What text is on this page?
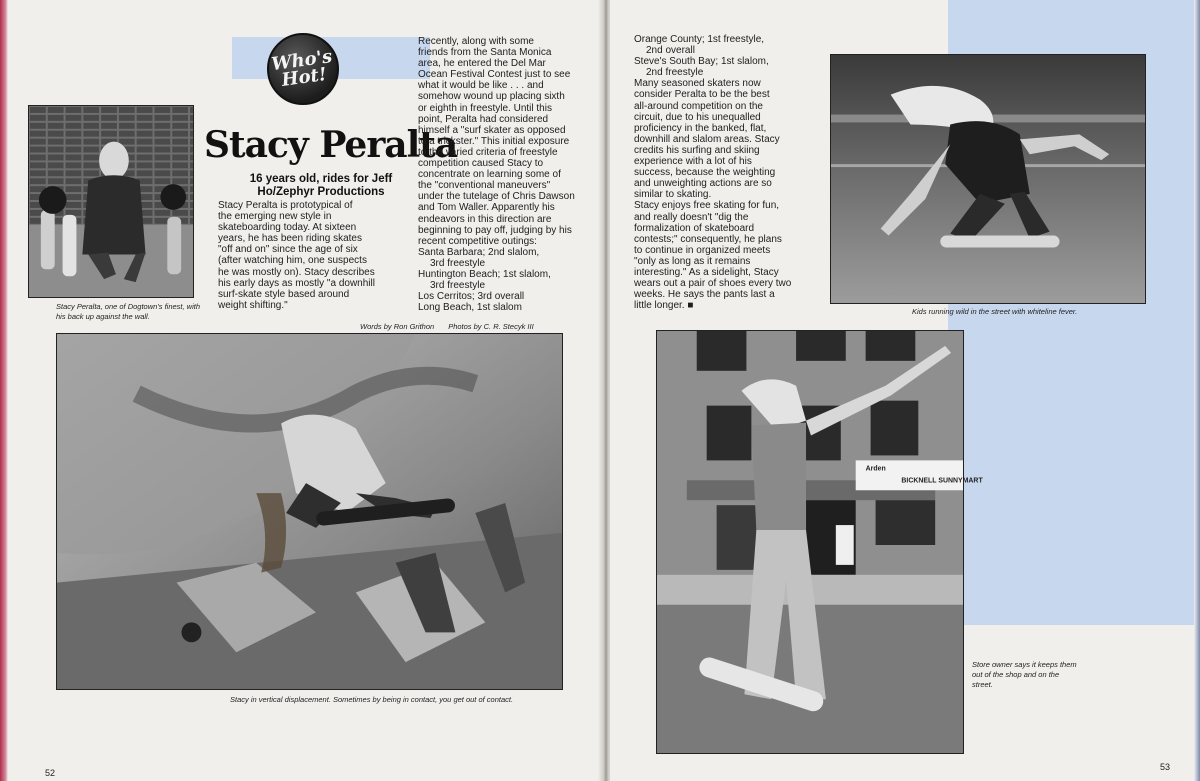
Who's Hot!
Stacy Peralta
16 years old, rides for Jeff Ho/Zephyr Productions
Stacy Peralta, one of Dogtown's finest, with his back up against the wall.

Stacy Peralta is prototypical of

the emerging new style in

skateboarding today. At sixteen

years, he has been riding skates

"off and on" since the age of six

(after watching him, one suspects

he was mostly on). Stacy describes

his early days as mostly "a downhill

surf-skate style based around

weight shifting."

Recently, along with some

friends from the Santa Monica

area, he entered the Del Mar

Ocean Festival Contest just to see

what it would be like . . . and

somehow wound up placing sixth

or eighth in freestyle. Until this

point, Peralta had considered

himself a "surf skater as opposed

to a trickster." This initial exposure

to the varied criteria of freestyle

competition caused Stacy to

concentrate on learning some of

the "conventional maneuvers"

under the tutelage of Chris Dawson

and Tom Waller. Apparently his

endeavors in this direction are

beginning to pay off, judging by his

recent competitive outings:

Santa Barbara; 2nd slalom,

3rd freestyle

Huntington Beach; 1st slalom,

3rd freestyle

Los Cerritos; 3rd overall

Long Beach, 1st slalom

Words by Ron Grithon Photos by C. R. Stecyk III
Stacy in vertical displacement. Sometimes by being in contact, you get out of contact.
52

Orange County; 1st freestyle,

2nd overall

Steve's South Bay; 1st slalom,

2nd freestyle

Many seasoned skaters now

consider Peralta to be the best

all-around competition on the

circuit, due to his unequalled

proficiency in the banked, flat,

downhill and slalom areas. Stacy

credits his surfing and skiing

experience with a lot of his

success, because the weighting

and unweighting actions are so

similar to skating.

Stacy enjoys free skating for fun,

and really doesn't "dig the

formalization of skateboard

contests;" consequently, he plans

to continue in organized meets

"only as long as it remains

interesting." As a sidelight, Stacy

wears out a pair of shoes every two

weeks. He says the pants last a

little longer. ■

Kids running wild in the street with whiteline fever.
Arden
BICKNELL SUNNYMART
Store owner says it keeps them out of the shop and on the street.
53
